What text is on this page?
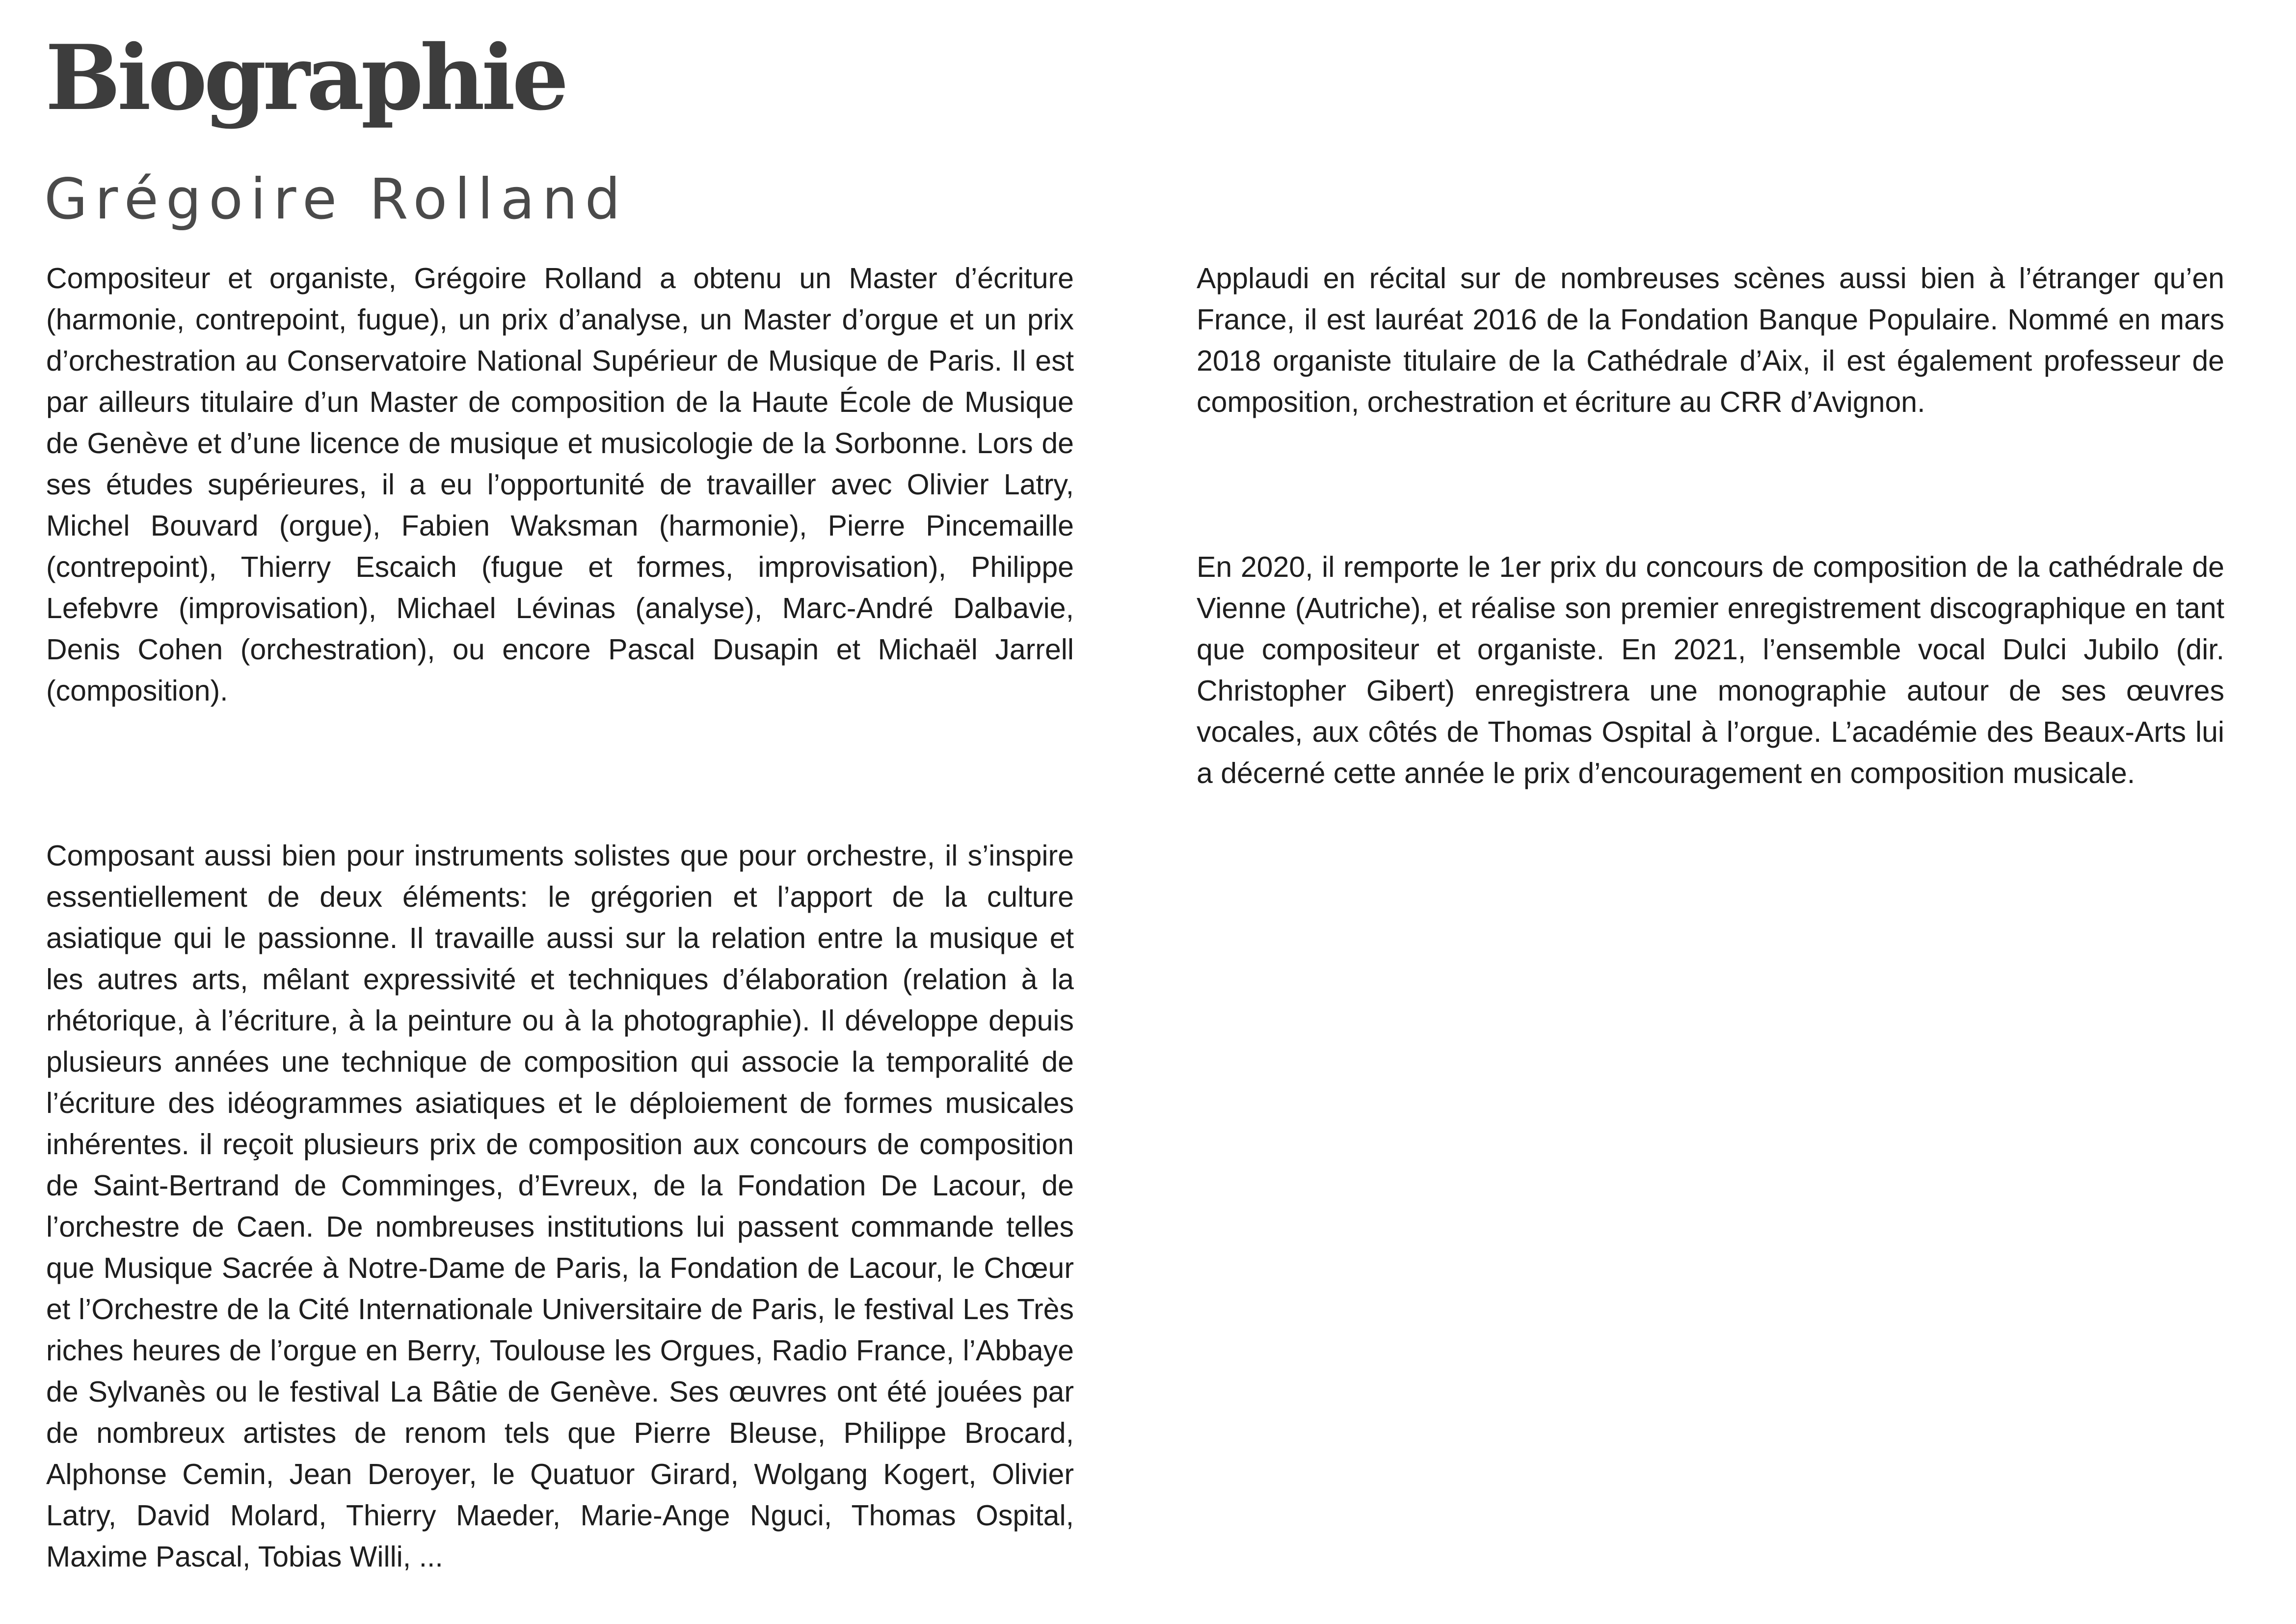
Biographie
Grégoire Rolland

Compositeur et organiste, Grégoire Rolland a obtenu un Master d’écriture (harmonie, contrepoint, fugue), un prix d’analyse, un Master d’orgue et un prix d’orchestration au Conservatoire National Supérieur de Musique de Paris. Il est par ailleurs titulaire d’un Master de composition de la Haute École de Musique de Genève et d’une licence de musique et musicologie de la Sorbonne. Lors de ses études supérieures, il a eu l’opportunité de travailler avec Olivier Latry, Michel Bouvard (orgue), Fabien Waksman (harmonie), Pierre Pincemaille (contrepoint), Thierry Escaich (fugue et formes, improvisation), Philippe Lefebvre (improvisation), Michael Lévinas (analyse), Marc-André Dalbavie, Denis Cohen (orchestration), ou encore Pascal Dusapin et Michaël Jarrell (composition).

Composant aussi bien pour instruments solistes que pour orchestre, il s’inspire essentiellement de deux éléments: le grégorien et l’apport de la culture asiatique qui le passionne. Il travaille aussi sur la relation entre la musique et les autres arts, mêlant expressivité et techniques d’élaboration (relation à la rhétorique, à l’écriture, à la peinture ou à la photographie). Il développe depuis plusieurs années une technique de composition qui associe la temporalité de l’écriture des idéogrammes asiatiques et le déploiement de formes musicales inhérentes. il reçoit plusieurs prix de composition aux concours de composition de Saint-Bertrand de Comminges, d’Evreux, de la Fondation De Lacour, de l’orchestre de Caen. De nombreuses institutions lui passent commande telles que Musique Sacrée à Notre-Dame de Paris, la Fondation de Lacour, le Chœur et l’Orchestre de la Cité Internationale Universitaire de Paris, le festival Les Très riches heures de l’orgue en Berry, Toulouse les Orgues, Radio France, l’Abbaye de Sylvanès ou le festival La Bâtie de Genève. Ses œuvres ont été jouées par de nombreux artistes de renom tels que Pierre Bleuse, Philippe Brocard, Alphonse Cemin, Jean Deroyer, le Quatuor Girard, Wolgang Kogert, Olivier Latry, David Molard, Thierry Maeder, Marie-Ange Nguci, Thomas Ospital, Maxime Pascal, Tobias Willi, ...

Applaudi en récital sur de nombreuses scènes aussi bien à l’étranger qu’en France, il est lauréat 2016 de la Fondation Banque Populaire. Nommé en mars 2018 organiste titulaire de la Cathédrale d’Aix, il est également professeur de composition, orchestration et écriture au CRR d’Avignon.

En 2020, il remporte le 1er prix du concours de composition de la cathédrale de Vienne (Autriche), et réalise son premier enregistrement discographique en tant que compositeur et organiste. En 2021, l’ensemble vocal Dulci Jubilo (dir. Christopher Gibert) enregistrera une monographie autour de ses œuvres vocales, aux côtés de Thomas Ospital à l’orgue. L’académie des Beaux-Arts lui a décerné cette année le prix d’encouragement en composition musicale.
